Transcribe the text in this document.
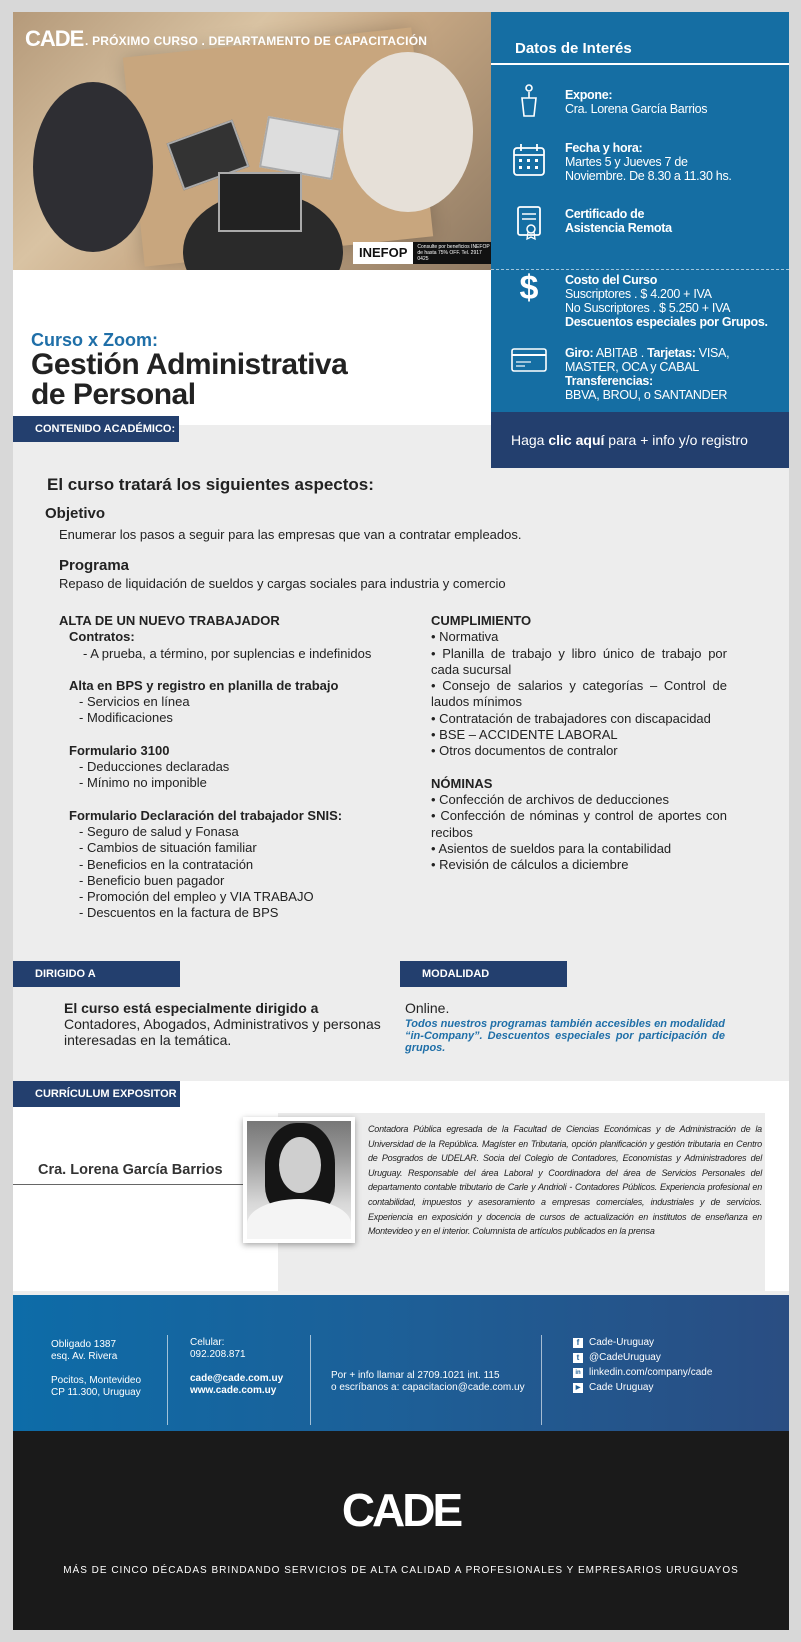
CADE . PRÓXIMO CURSO . DEPARTAMENTO DE CAPACITACIÓN
INEFOP	Consulte por beneficios INEFOP de hasta 75% OFF. Tel. 2917 0425
Curso x Zoom:
Gestión Administrativa
de Personal
Datos de Interés
Expone:
Cra. Lorena García Barrios
Fecha y hora:
Martes 5 y Jueves 7 de
Noviembre. De 8.30 a 11.30 hs.
Certificado de
Asistencia Remota
$	Costo del Curso
Suscriptores . $ 4.200 + IVA
No Suscriptores . $ 5.250 + IVA
Descuentos especiales por Grupos.
Giro: ABITAB . Tarjetas: VISA,
MASTER, OCA y CABAL
Transferencias:
BBVA, BROU, o SANTANDER
Haga
clic aquí
para + info y/o registro
CONTENIDO ACADÉMICO:
El curso tratará los siguientes aspectos:
Objetivo
Enumerar los pasos a seguir para las empresas que van a contratar empleados.
Programa
Repaso de liquidación de sueldos y cargas sociales para industria y comercio
ALTA DE UN NUEVO TRABAJADOR
Contratos:
- A prueba, a término, por suplencias e indefinidos
Alta en BPS y registro en planilla de trabajo
- Servicios en línea
- Modificaciones
Formulario 3100
- Deducciones declaradas
- Mínimo no imponible
Formulario Declaración del trabajador SNIS:
- Seguro de salud y Fonasa
- Cambios de situación familiar
- Beneficios en la contratación
- Beneficio buen pagador
- Promoción del empleo y VIA TRABAJO
- Descuentos en la factura de BPS
CUMPLIMIENTO
• Normativa
• Planilla de trabajo y libro único de trabajo por cada sucursal
• Consejo de salarios y categorías – Control de laudos mínimos
• Contratación de trabajadores con discapacidad
• BSE – ACCIDENTE LABORAL
• Otros documentos de contralor
NÓMINAS
• Confección de archivos de deducciones
• Confección de nóminas y control de aportes con recibos
• Asientos de sueldos para la contabilidad
• Revisión de cálculos a diciembre
DIRIGIDO A	MODALIDAD
El curso está especialmente dirigido a
Contadores, Abogados, Administrativos y personas interesadas en la temática.
Online.
Todos nuestros programas también accesibles en modalidad “in-Company”. Descuentos especiales por participación de grupos.
CURRÍCULUM EXPOSITOR
Cra. Lorena García Barrios
Contadora Pública egresada de la Facultad de Ciencias Económicas y de Administración de la Universidad de la República. Magíster en Tributaria, opción planificación y gestión tributaria en Centro de Posgrados de UDELAR. Socia del Colegio de Contadores, Economistas y Administradores del Uruguay. Responsable del área Laboral y Coordinadora del área de Servicios Personales del departamento contable tributario de Carle y Andrioli - Contadores Públicos. Experiencia profesional en contabilidad, impuestos y asesoramiento a empresas comerciales, industriales y de servicios. Experiencia en exposición y docencia de cursos de actualización en institutos de enseñanza en Montevideo y en el interior. Columnista de artículos publicados en la prensa
Obligado 1387
esq. Av. Rivera
Pocitos, Montevideo
CP 11.300, Uruguay
Celular:
092.208.871
cade@cade.com.uy
www.cade.com.uy
Por + info llamar al 2709.1021 int. 115
o escríbanos a: capacitacion@cade.com.uy
f Cade-Uruguay
t @CadeUruguay
in linkedin.com/company/cade
▶ Cade Uruguay
CADE
MÁS DE CINCO DÉCADAS BRINDANDO SERVICIOS DE ALTA CALIDAD A PROFESIONALES Y EMPRESARIOS URUGUAYOS
